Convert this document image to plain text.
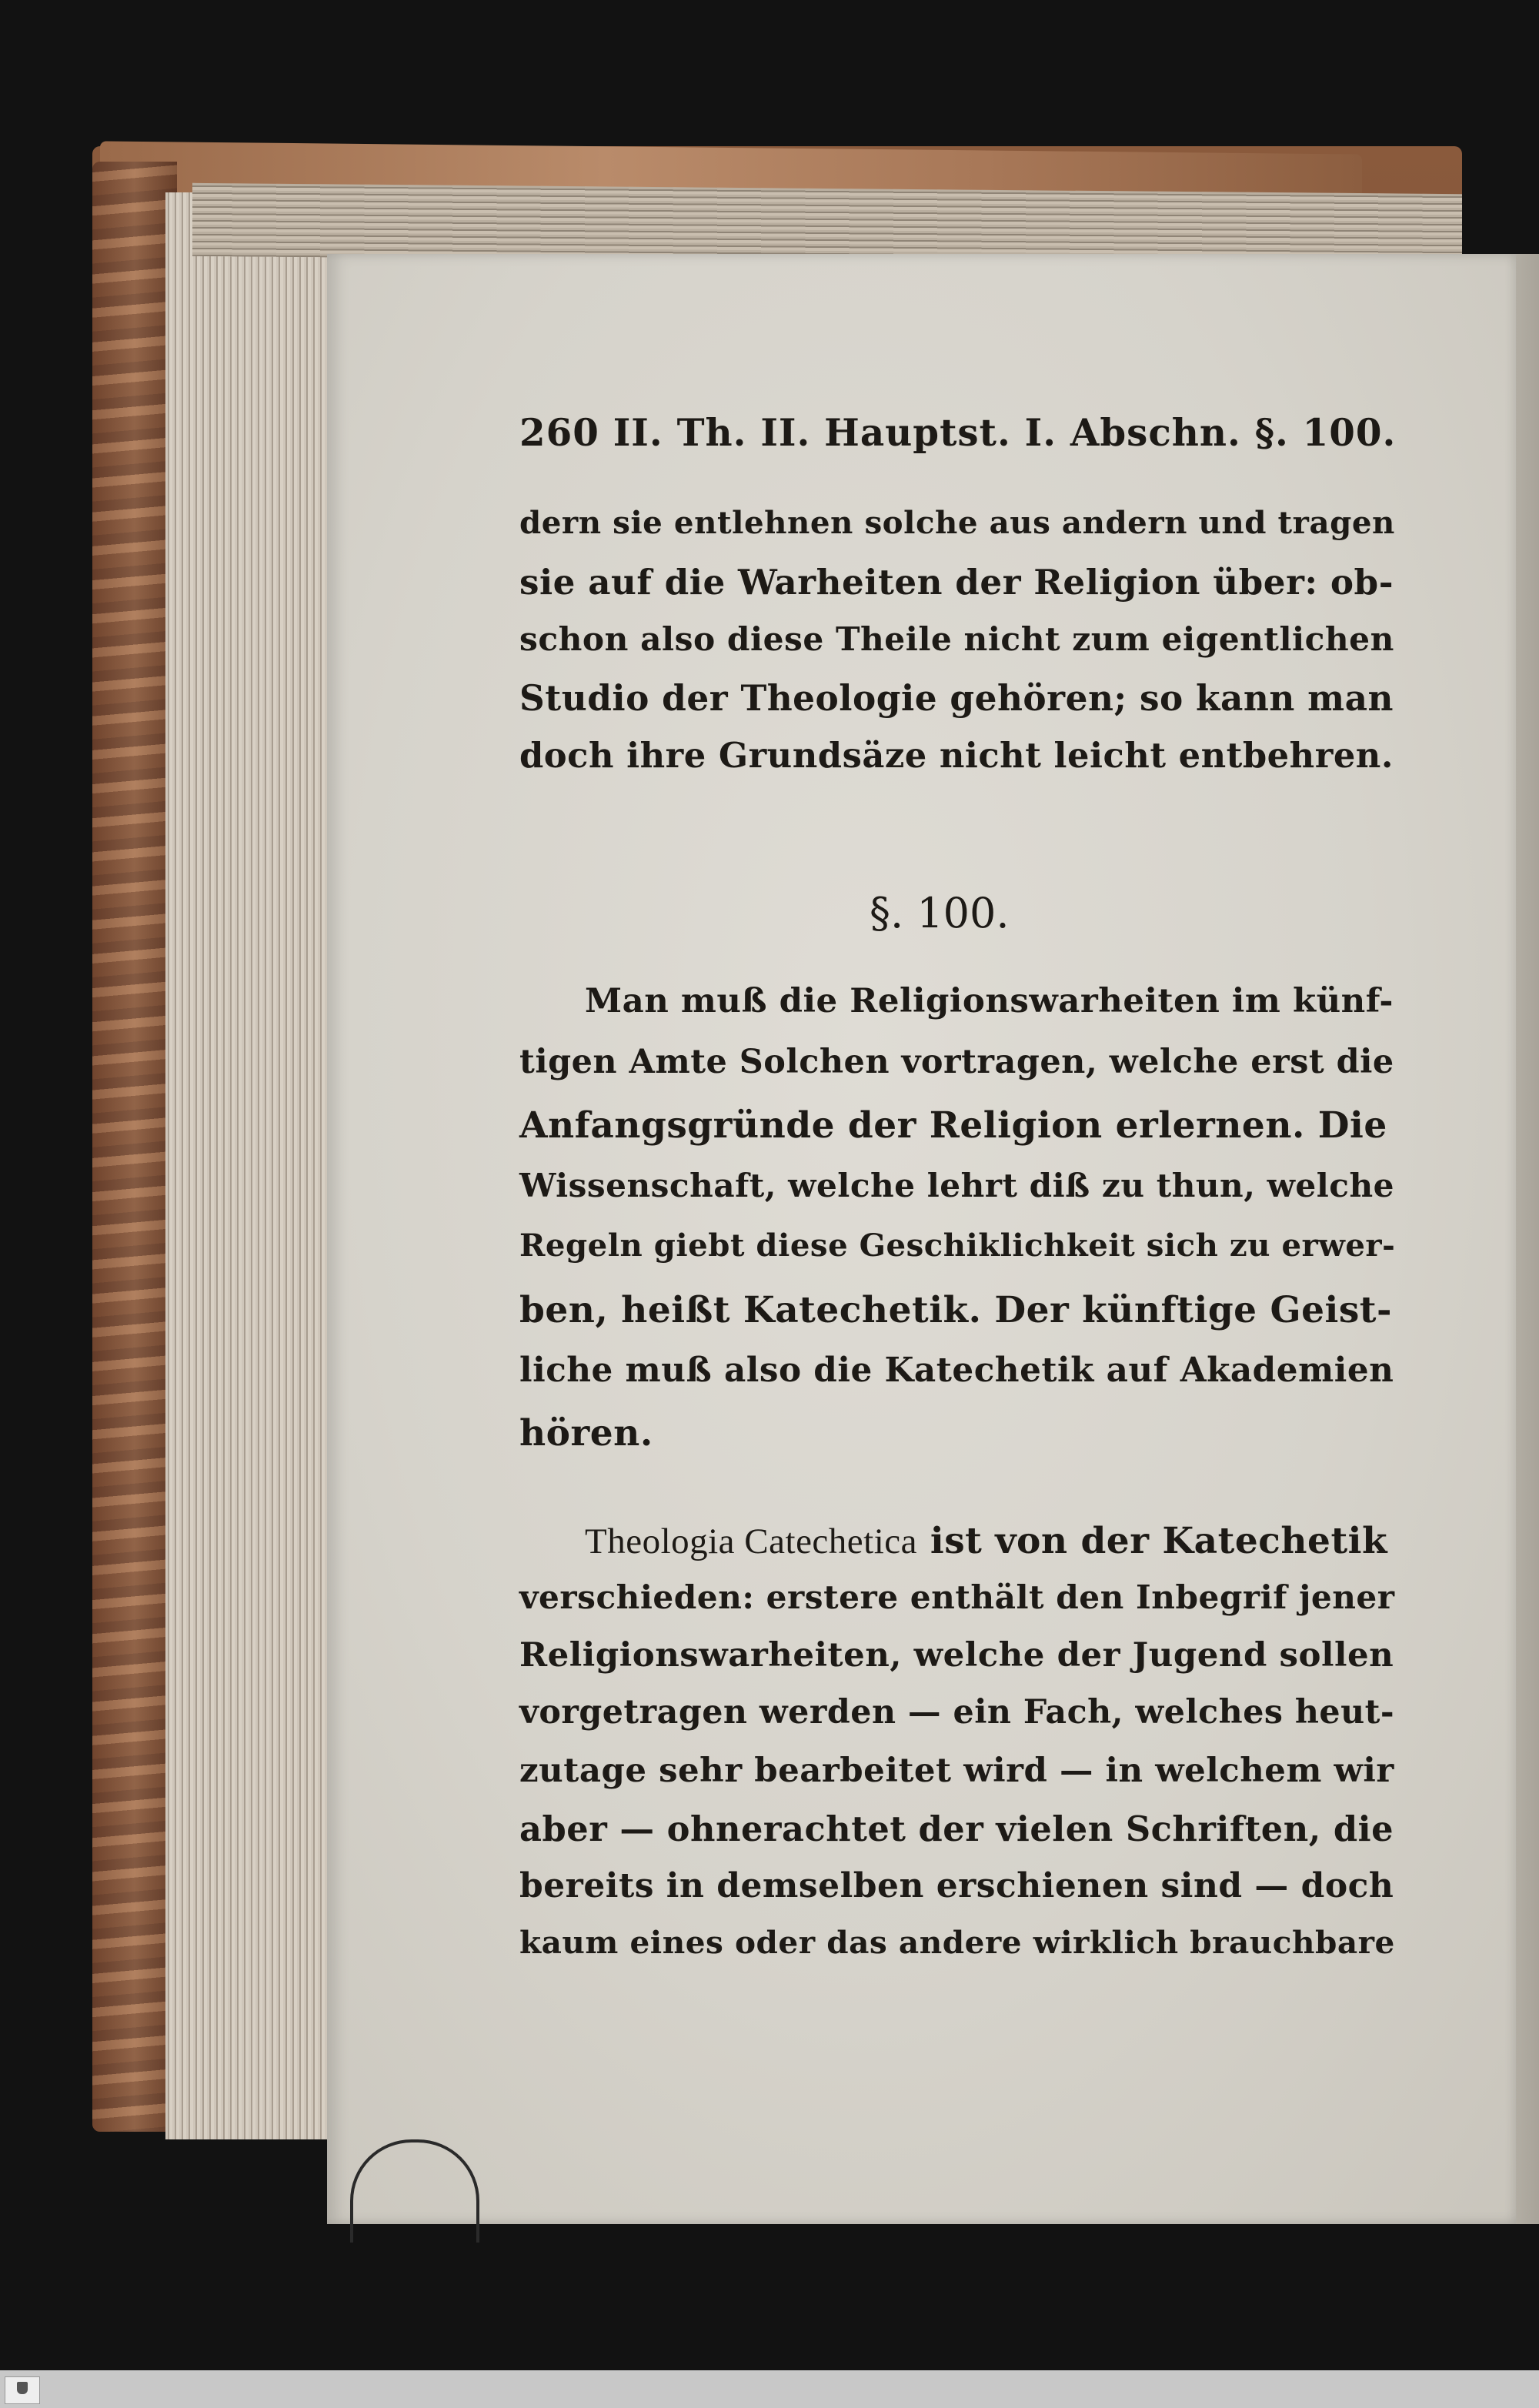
260 II. Th. II. Hauptst. I. Abschn. §. 100.
dern sie entlehnen solche aus andern und tragen
sie auf die Warheiten der Religion über: ob-
schon also diese Theile nicht zum eigentlichen
Studio der Theologie gehören; so kann man
doch ihre Grundsäze nicht leicht entbehren.
§. 100.
Man muß die Religionswarheiten im künf-
tigen Amte Solchen vortragen, welche erst die
Anfangsgründe der Religion erlernen. Die
Wissenschaft, welche lehrt diß zu thun, welche
Regeln giebt diese Geschiklichkeit sich zu erwer-
ben, heißt Katechetik. Der künftige Geist-
liche muß also die Katechetik auf Akademien
hören.
Theologia Catechetica ist von der Katechetik
verschieden: erstere enthält den Inbegrif jener
Religionswarheiten, welche der Jugend sollen
vorgetragen werden — ein Fach, welches heut-
zutage sehr bearbeitet wird — in welchem wir
aber — ohnerachtet der vielen Schriften, die
bereits in demselben erschienen sind — doch
kaum eines oder das andere wirklich brauchbare
